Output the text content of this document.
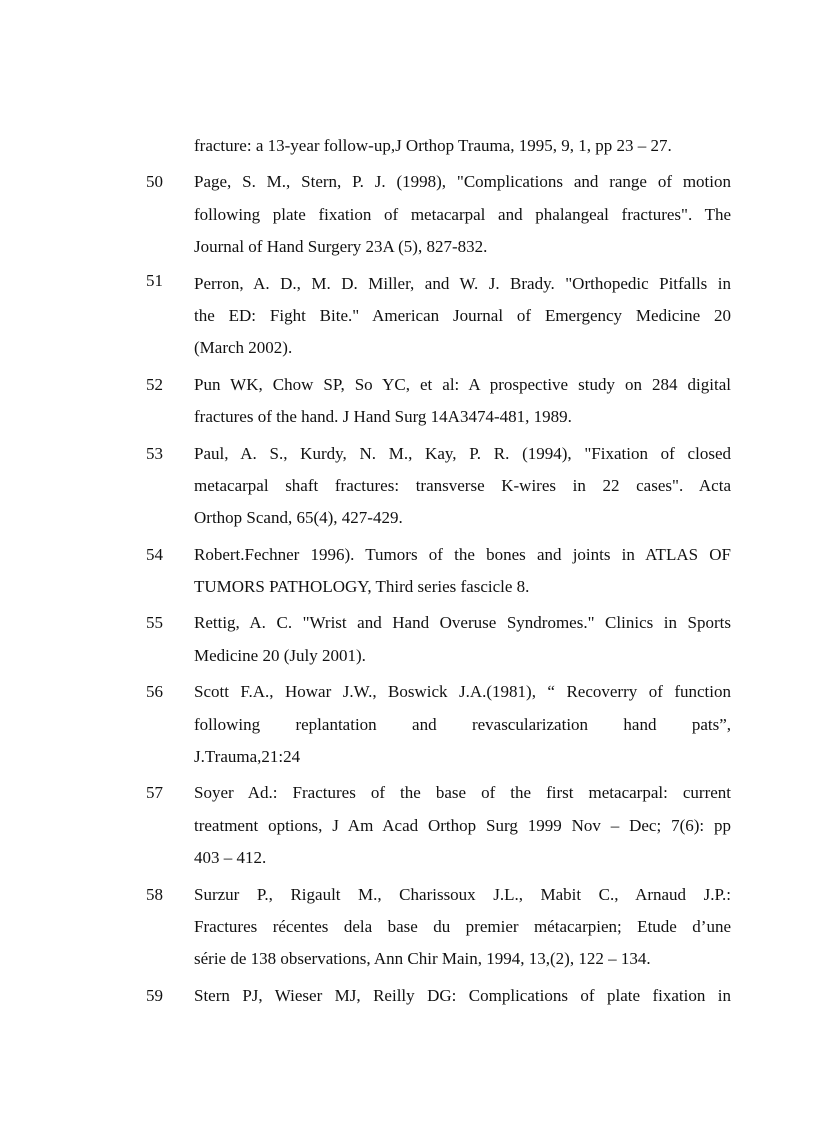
fracture: a 13-year follow-up,J Orthop Trauma, 1995, 9, 1, pp 23 – 27.
50 Page, S. M., Stern, P. J. (1998), "Complications and range of motion
following plate fixation of metacarpal and phalangeal fractures". The
Journal of Hand Surgery 23A (5), 827-832.
51 Perron, A. D., M. D. Miller, and W. J. Brady. "Orthopedic Pitfalls in
the ED: Fight Bite." American Journal of Emergency Medicine 20
(March 2002).
52 Pun WK, Chow SP, So YC, et al: A prospective study on 284 digital
fractures of the hand. J Hand Surg 14A3474-481, 1989.
53 Paul, A. S., Kurdy, N. M., Kay, P. R. (1994), "Fixation of closed
metacarpal shaft fractures: transverse K-wires in 22 cases". Acta
Orthop Scand, 65(4), 427-429.
54 Robert.Fechner 1996). Tumors of the bones and joints in ATLAS OF
TUMORS PATHOLOGY, Third series fascicle 8.
55 Rettig, A. C. "Wrist and Hand Overuse Syndromes." Clinics in Sports
Medicine 20 (July 2001).
56 Scott F.A., Howar J.W., Boswick J.A.(1981), “ Recoverry of function
following replantation and revascularization hand pats”,
J.Trauma,21:24
57 Soyer Ad.: Fractures of the base of the first metacarpal: current
treatment options, J Am Acad Orthop Surg 1999 Nov – Dec; 7(6): pp
403 – 412.
58 Surzur P., Rigault M., Charissoux J.L., Mabit C., Arnaud J.P.:
Fractures récentes dela base du premier métacarpien; Etude d’une
série de 138 observations, Ann Chir Main, 1994, 13,(2), 122 – 134.
59 Stern PJ, Wieser MJ, Reilly DG: Complications of plate fixation in
